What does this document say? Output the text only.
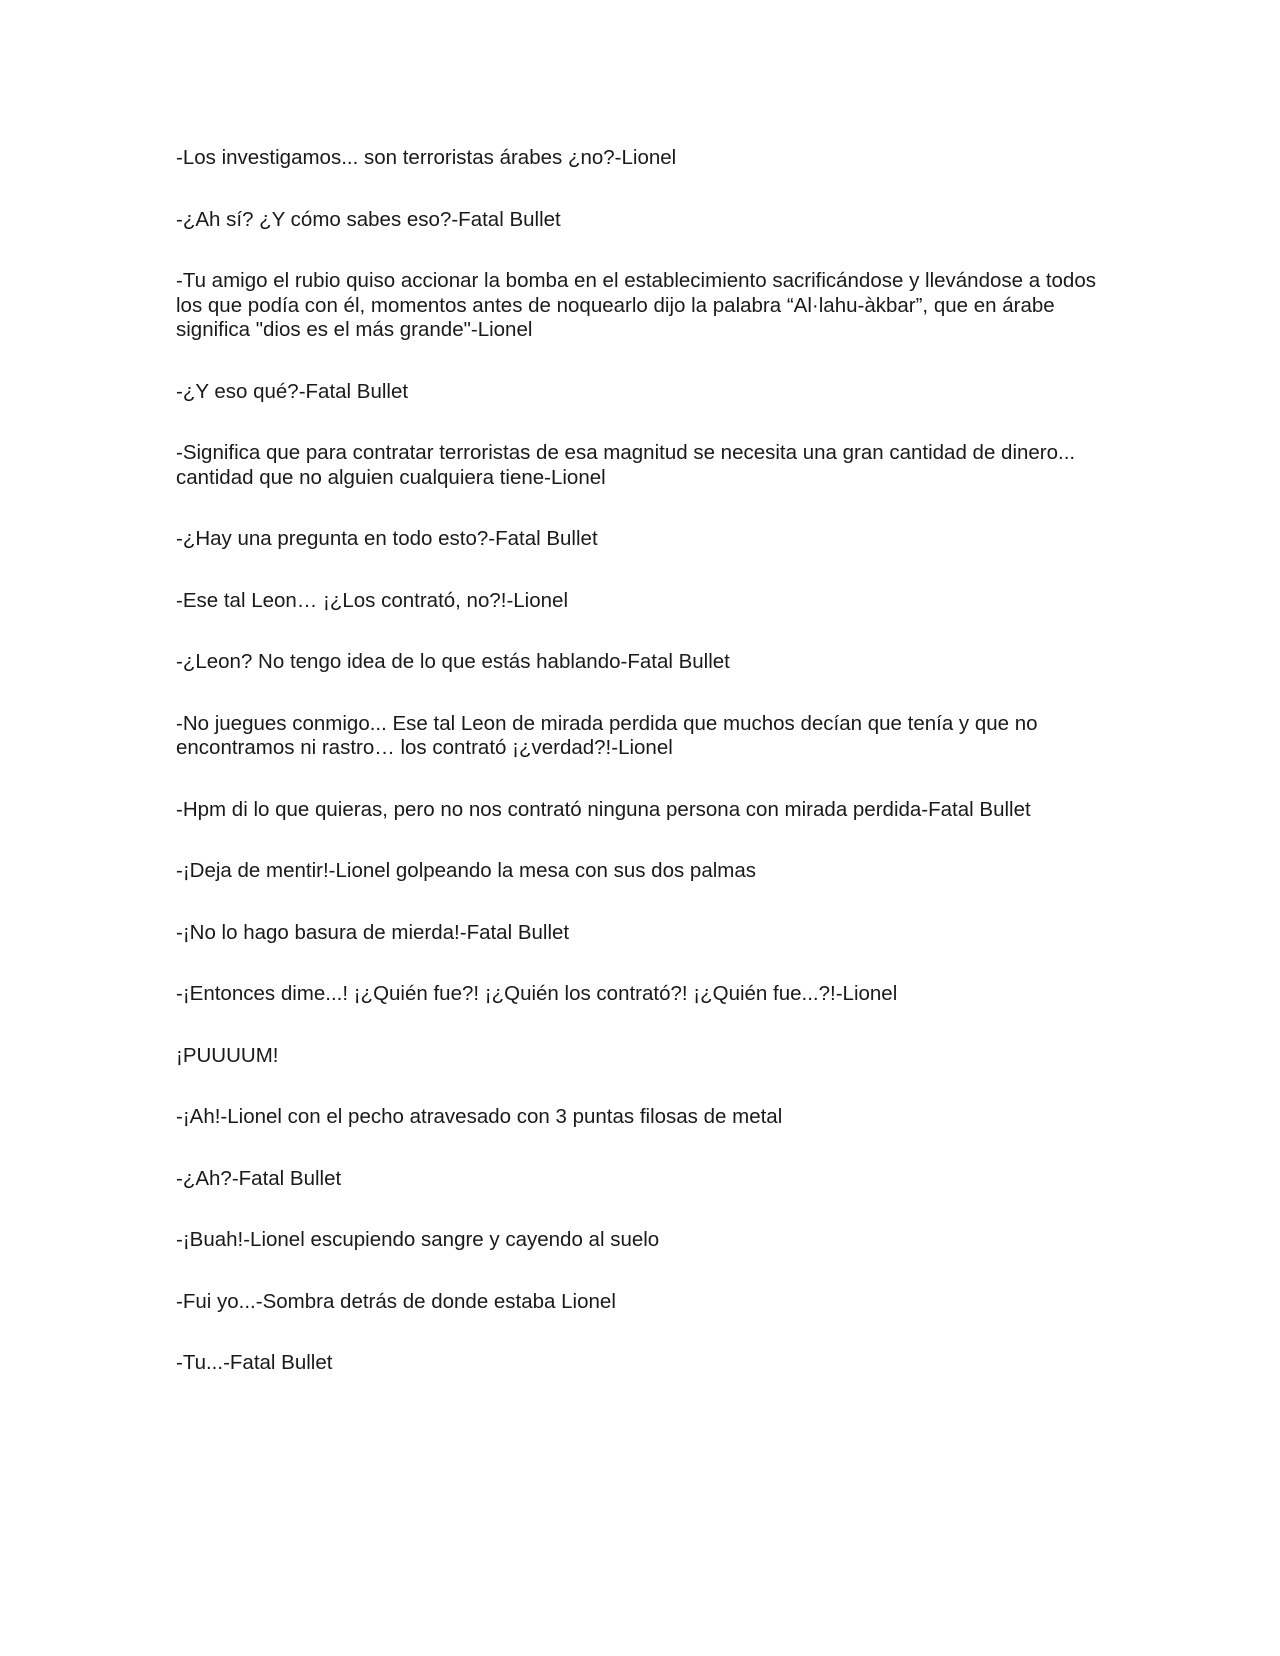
-Los investigamos... son terroristas árabes ¿no?-Lionel

-¿Ah sí? ¿Y cómo sabes eso?-Fatal Bullet

-Tu amigo el rubio quiso accionar la bomba en el establecimiento sacrificándose y llevándose a todos los que podía con él, momentos antes de noquearlo dijo la palabra “Al·lahu-àkbar”, que en árabe significa "dios es el más grande"-Lionel

-¿Y eso qué?-Fatal Bullet

-Significa que para contratar terroristas de esa magnitud se necesita una gran cantidad de dinero... cantidad que no alguien cualquiera tiene-Lionel

-¿Hay una pregunta en todo esto?-Fatal Bullet

-Ese tal Leon… ¡¿Los contrató, no?!-Lionel

-¿Leon? No tengo idea de lo que estás hablando-Fatal Bullet

-No juegues conmigo... Ese tal Leon de mirada perdida que muchos decían que tenía y que no encontramos ni rastro… los contrató ¡¿verdad?!-Lionel

-Hpm di lo que quieras, pero no nos contrató ninguna persona con mirada perdida-Fatal Bullet

-¡Deja de mentir!-Lionel golpeando la mesa con sus dos palmas

-¡No lo hago basura de mierda!-Fatal Bullet

-¡Entonces dime...! ¡¿Quién fue?! ¡¿Quién los contrató?! ¡¿Quién fue...?!-Lionel

¡PUUUUM!

-¡Ah!-Lionel con el pecho atravesado con 3 puntas filosas de metal

-¿Ah?-Fatal Bullet

-¡Buah!-Lionel escupiendo sangre y cayendo al suelo

-Fui yo...-Sombra detrás de donde estaba Lionel

-Tu...-Fatal Bullet
